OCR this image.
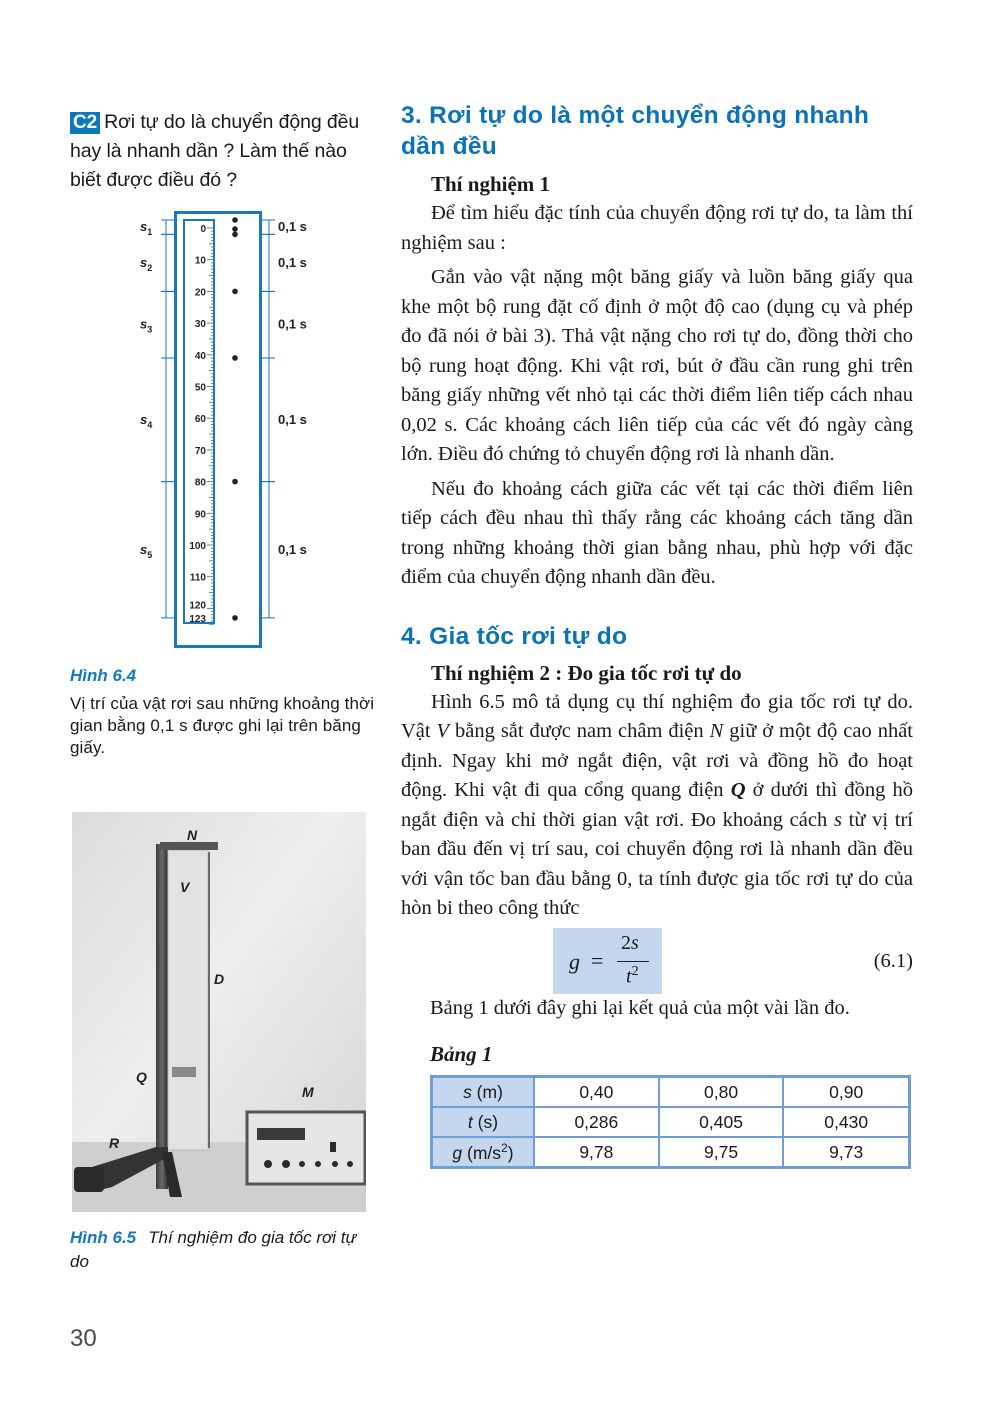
C2 Rơi tự do là chuyển động đều hay là nhanh dần ? Làm thế nào biết được điều đó ?
0
10
20
30
40
50
60
70
80
90
100
110
120
123
$s_1$	0,1 s
$s_2$	0,1 s
$s_3$	0,1 s
$s_4$	0,1 s
$s_5$	0,1 s
Hình 6.4
Vị trí của vật rơi sau những khoảng thời gian bằng 0,1 s được ghi lại trên băng giấy.
N
V
D
Q
M
R
Hình 6.5 Thí nghiệm đo gia tốc rơi tự do
30
3. Rơi tự do là một chuyển động nhanh dần đều
Thí nghiệm 1

Để tìm hiểu đặc tính của chuyển động rơi tự do, ta làm thí nghiệm sau :

Gắn vào vật nặng một băng giấy và luồn băng giấy qua khe một bộ rung đặt cố định ở một độ cao (dụng cụ và phép đo đã nói ở bài 3). Thả vật nặng cho rơi tự do, đồng thời cho bộ rung hoạt động. Khi vật rơi, bút ở đầu cần rung ghi trên băng giấy những vết nhỏ tại các thời điểm liên tiếp cách nhau 0,02 s. Các khoảng cách liên tiếp của các vết đó ngày càng lớn. Điều đó chứng tỏ chuyển động rơi là nhanh dần.

Nếu đo khoảng cách giữa các vết tại các thời điểm liên tiếp cách đều nhau thì thấy rằng các khoảng cách tăng dần trong những khoảng thời gian bằng nhau, phù hợp với đặc điểm của chuyển động nhanh dần đều.

4. Gia tốc rơi tự do
Thí nghiệm 2 : Đo gia tốc rơi tự do

Hình 6.5 mô tả dụng cụ thí nghiệm đo gia tốc rơi tự do. Vật V bằng sắt được nam châm điện N giữ ở một độ cao nhất định. Ngay khi mở ngắt điện, vật rơi và đồng hồ đo hoạt động. Khi vật đi qua cổng quang điện Q ở dưới thì đồng hồ ngắt điện và chỉ thời gian vật rơi. Đo khoảng cách s từ vị trí ban đầu đến vị trí sau, coi chuyển động rơi là nhanh dần đều với vận tốc ban đầu bằng 0, ta tính được gia tốc rơi tự do của hòn bi theo công thức

g =
2s
$t^2$	(6.1)

Bảng 1 dưới đây ghi lại kết quả của một vài lần đo.

Bảng 1
s (m)	0,40	0,80	0,90
t (s)	0,286	0,405	0,430
g $(m/s^2)$	9,78	9,75	9,73
